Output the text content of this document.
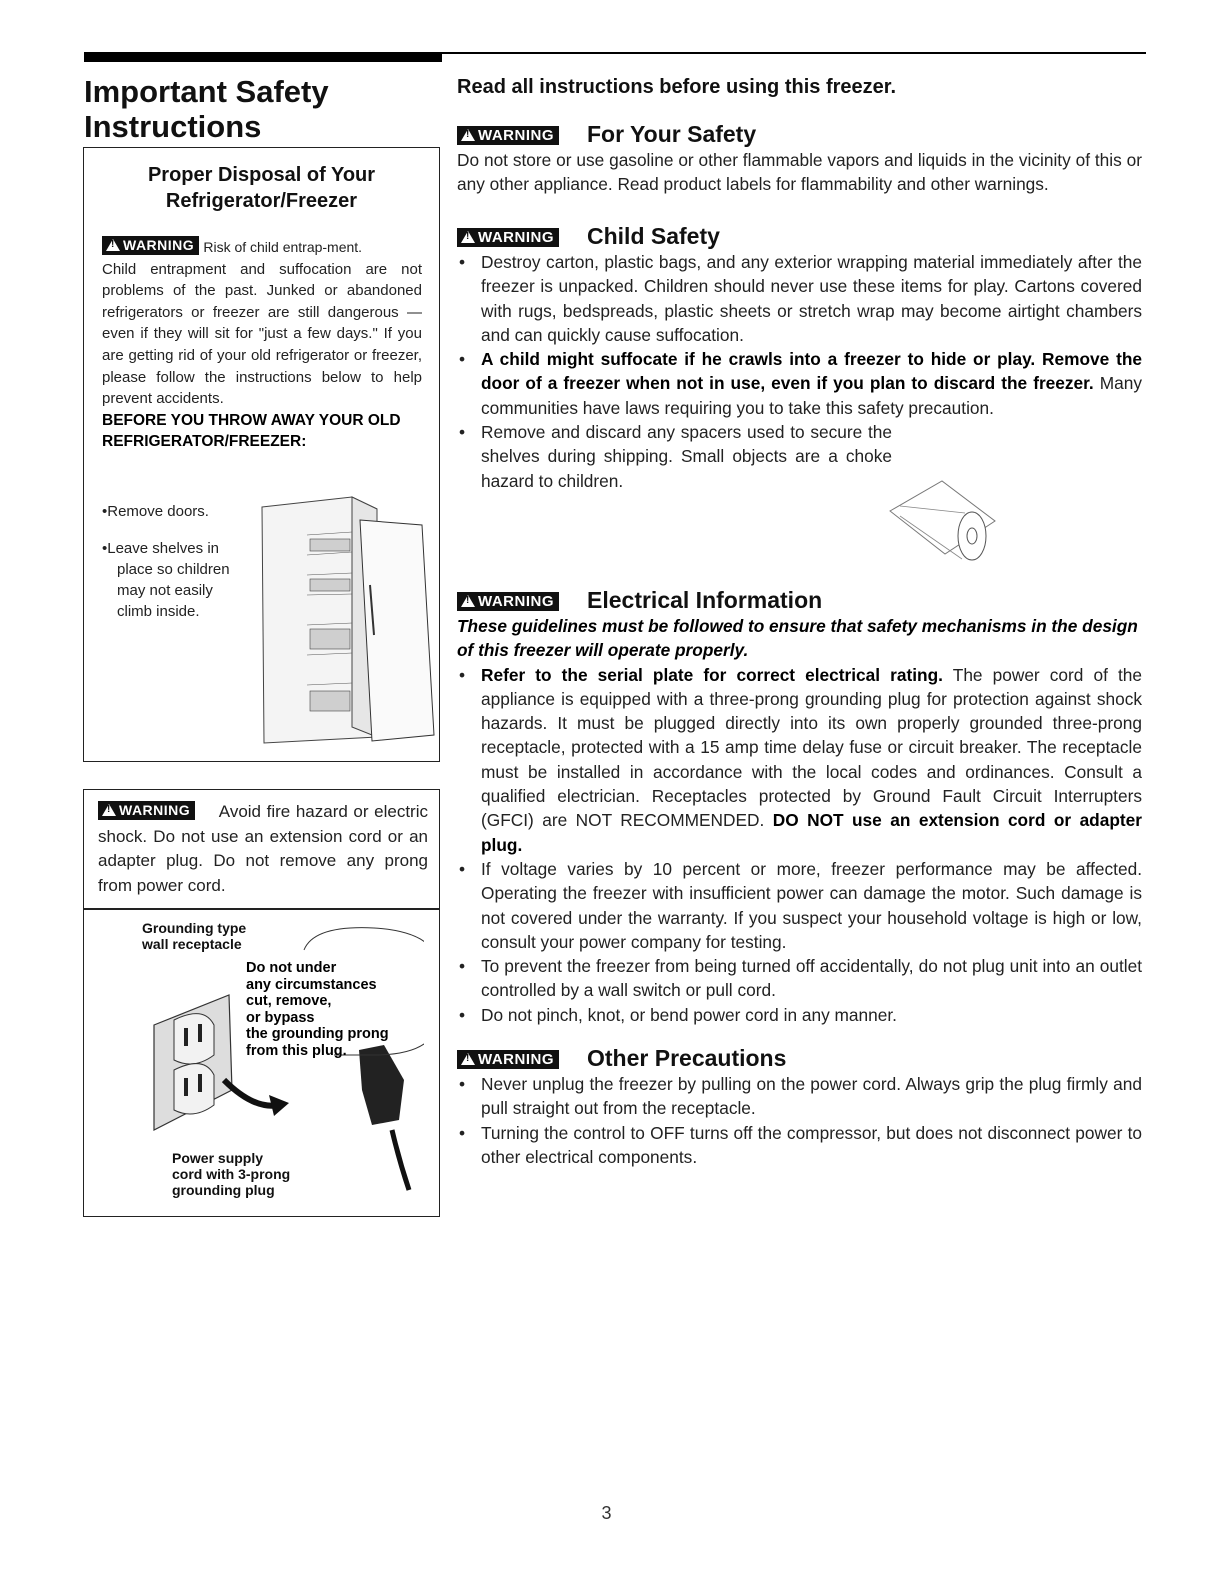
Important Safety Instructions
Proper Disposal of Your Refrigerator/Freezer
!WARNING Risk of child entrap-ment.
Child entrapment and suffocation are not problems of the past. Junked or abandoned refrigerators or freezer are still dangerous — even if they will sit for "just a few days." If you are getting rid of your old refrigerator or freezer, please follow the instructions below to help prevent accidents.
BEFORE YOU THROW AWAY YOUR OLD REFRIGERATOR/FREEZER:
•Remove doors.
•Leave shelves in
place so children
may not easily
climb inside.
!WARNING Avoid fire hazard or electric shock. Do not use an extension cord or an adapter plug. Do not remove any prong from power cord.
Grounding type
wall receptacle
Do not under
any circumstances
cut, remove,
or bypass
the grounding prong
from this plug.
Power supply
cord with 3-prong
grounding plug
Read all instructions before using this freezer.
!WARNING For Your Safety

Do not store or use gasoline or other flammable vapors and liquids in the vicinity of this or any other appliance. Read product labels for flammability and other warnings.

!WARNING Child Safety
• Destroy carton, plastic bags, and any exterior wrapping material immediately after the freezer is unpacked. Children should never use these items for play. Cartons covered with rugs, bedspreads, plastic sheets or stretch wrap may become airtight chambers and can quickly cause suffocation.
• A child might suffocate if he crawls into a freezer to hide or play. Remove the door of a freezer when not in use, even if you plan to discard the freezer. Many communities have laws requiring you to take this safety precaution.
• Remove and discard any spacers used to secure the shelves during shipping. Small objects are a choke hazard to children.
!WARNING Electrical Information

These guidelines must be followed to ensure that safety mechanisms in the design of this freezer will operate properly.

• Refer to the serial plate for correct electrical rating. The power cord of the appliance is equipped with a three-prong grounding plug for protection against shock hazards. It must be plugged directly into its own properly grounded three-prong receptacle, protected with a 15 amp time delay fuse or circuit breaker. The receptacle must be installed in accordance with the local codes and ordinances. Consult a qualified electrician. Receptacles protected by Ground Fault Circuit Interrupters (GFCI) are NOT RECOMMENDED. DO NOT use an extension cord or adapter plug.
• If voltage varies by 10 percent or more, freezer performance may be affected. Operating the freezer with insufficient power can damage the motor. Such damage is not covered under the warranty. If you suspect your household voltage is high or low, consult your power company for testing.
• To prevent the freezer from being turned off accidentally, do not plug unit into an outlet controlled by a wall switch or pull cord.
• Do not pinch, knot, or bend power cord in any manner.
!WARNING Other Precautions
• Never unplug the freezer by pulling on the power cord. Always grip the plug firmly and pull straight out from the receptacle.
• Turning the control to OFF turns off the compressor, but does not disconnect power to other electrical components.
3
